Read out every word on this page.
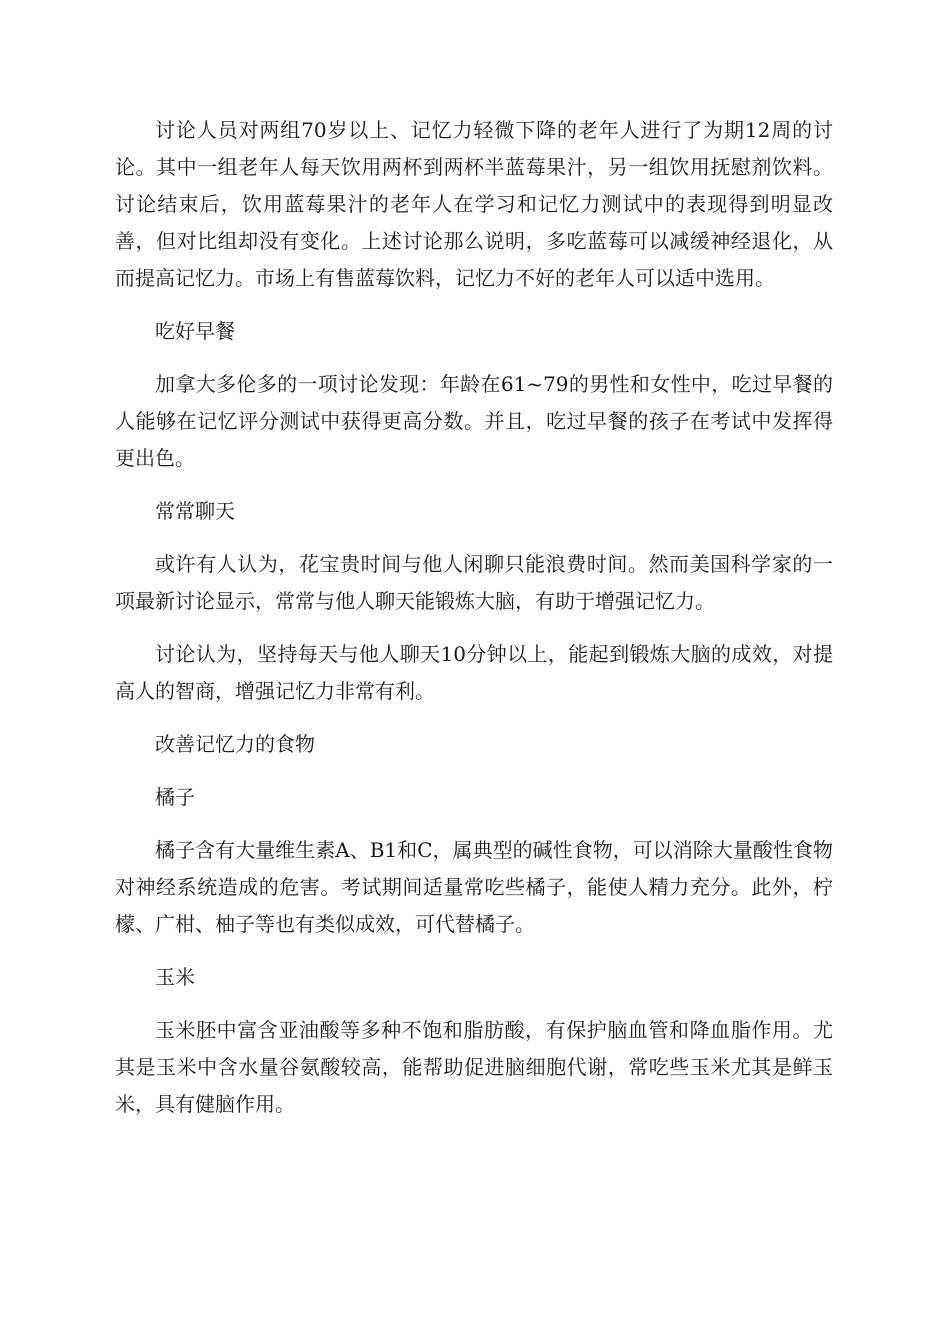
讨论人员对两组70岁以上、记忆力轻微下降的老年人进行了为期12周的讨论。其中一组老年人每天饮用两杯到两杯半蓝莓果汁，另一组饮用抚慰剂饮料。讨论结束后，饮用蓝莓果汁的老年人在学习和记忆力测试中的表现得到明显改善，但对比组却没有变化。上述讨论那么说明，多吃蓝莓可以减缓神经退化，从而提高记忆力。市场上有售蓝莓饮料，记忆力不好的老年人可以适中选用。

吃好早餐

加拿大多伦多的一项讨论发现：年龄在61~79的男性和女性中，吃过早餐的人能够在记忆评分测试中获得更高分数。并且，吃过早餐的孩子在考试中发挥得更出色。

常常聊天

或许有人认为，花宝贵时间与他人闲聊只能浪费时间。然而美国科学家的一项最新讨论显示，常常与他人聊天能锻炼大脑，有助于增强记忆力。

讨论认为，坚持每天与他人聊天10分钟以上，能起到锻炼大脑的成效，对提高人的智商，增强记忆力非常有利。

改善记忆力的食物

橘子

橘子含有大量维生素A、B1和C，属典型的碱性食物，可以消除大量酸性食物对神经系统造成的危害。考试期间适量常吃些橘子，能使人精力充分。此外，柠檬、广柑、柚子等也有类似成效，可代替橘子。

玉米

玉米胚中富含亚油酸等多种不饱和脂肪酸，有保护脑血管和降血脂作用。尤其是玉米中含水量谷氨酸较高，能帮助促进脑细胞代谢，常吃些玉米尤其是鲜玉米，具有健脑作用。
